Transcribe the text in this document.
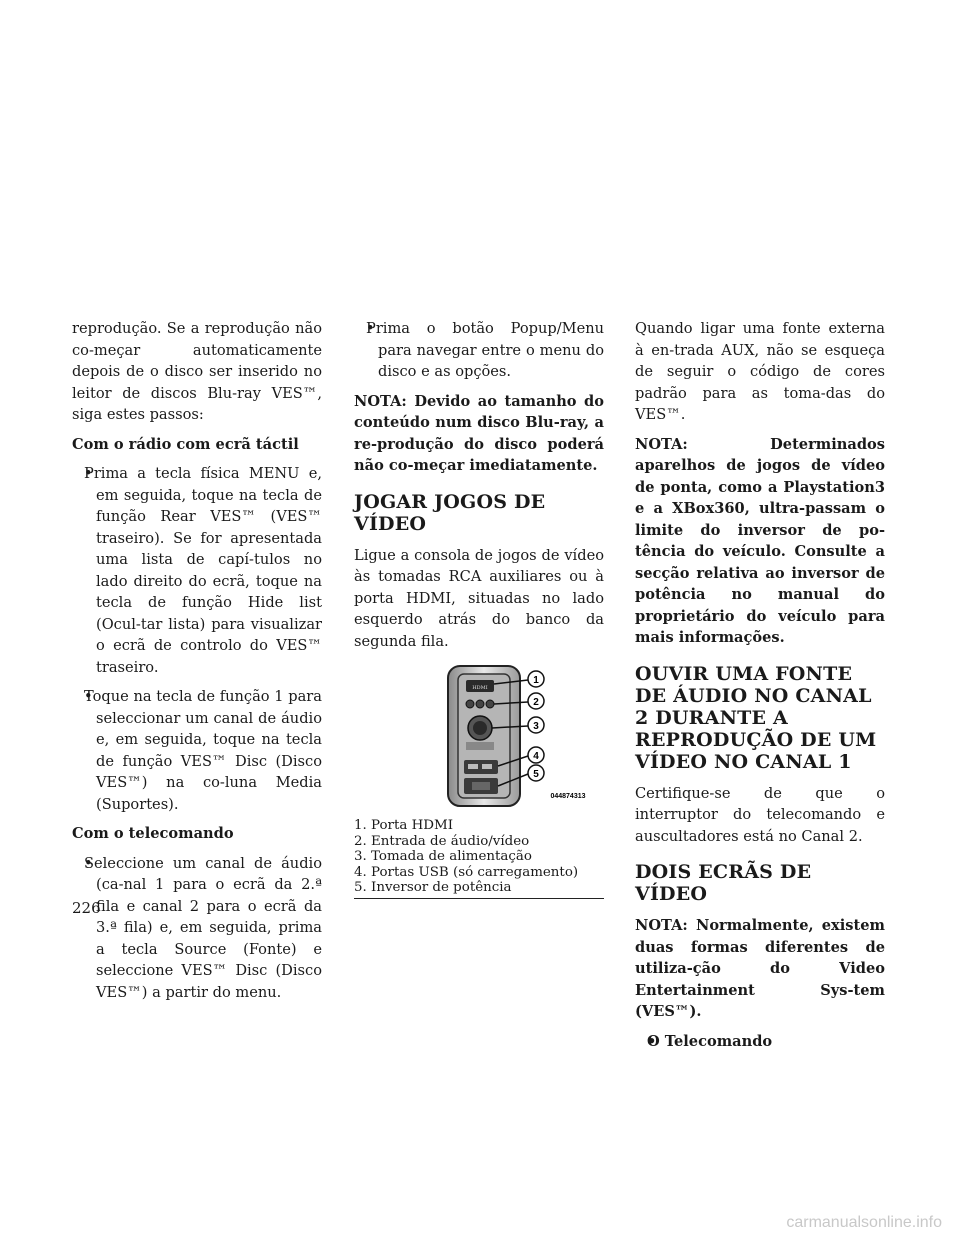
reprodução. Se a reprodução não co-meçar automaticamente depois de o disco ser inserido no leitor de discos Blu-ray VES™, siga estes passos:

Com o rádio com ecrã táctil

• Prima a tecla física MENU e, em seguida, toque na tecla de função Rear VES™ (VES™ traseiro). Se for apresentada uma lista de capí-tulos no lado direito do ecrã, toque na tecla de função Hide list (Ocul-tar lista) para visualizar o ecrã de controlo do VES™ traseiro.
• Toque na tecla de função 1 para seleccionar um canal de áudio e, em seguida, toque na tecla de função VES™ Disc (Disco VES™) na co-luna Media (Suportes).

Com o telecomando

• Seleccione um canal de áudio (ca-nal 1 para o ecrã da 2.ª fila e canal 2 para o ecrã da 3.ª fila) e, em seguida, prima a tecla Source (Fonte) e seleccione VES™ Disc (Disco VES™) a partir do menu.
• Prima o botão Popup/Menu para navegar entre o menu do disco e as opções.

NOTA: Devido ao tamanho do conteúdo num disco Blu-ray, a re-produção do disco poderá não co-meçar imediatamente.

JOGAR JOGOS DE VÍDEO

Ligue a consola de jogos de vídeo às tomadas RCA auxiliares ou à porta HDMI, situadas no lado esquerdo atrás do banco da segunda fila.

HDMI
1
2
3
4
5
044874313
1. Porta HDMI
2. Entrada de áudio/vídeo
3. Tomada de alimentação
4. Portas USB (só carregamento)
5. Inversor de potência

Quando ligar uma fonte externa à en-trada AUX, não se esqueça de seguir o código de cores padrão para as toma-das do VES™.

NOTA: Determinados aparelhos de jogos de vídeo de ponta, como a Playstation3 e a XBox360, ultra-passam o limite do inversor de po-tência do veículo. Consulte a secção relativa ao inversor de potência no manual do proprietário do veículo para mais informações.

OUVIR UMA FONTE DE ÁUDIO NO CANAL 2 DURANTE A REPRODUÇÃO DE UM VÍDEO NO CANAL 1

Certifique-se de que o interruptor do telecomando e auscultadores está no Canal 2.

DOIS ECRÃS DE VÍDEO

NOTA: Normalmente, existem duas formas diferentes de utiliza-ção do Video Entertainment Sys-tem (VES™).

• O Telecomando
226
carmanualsonline.info
